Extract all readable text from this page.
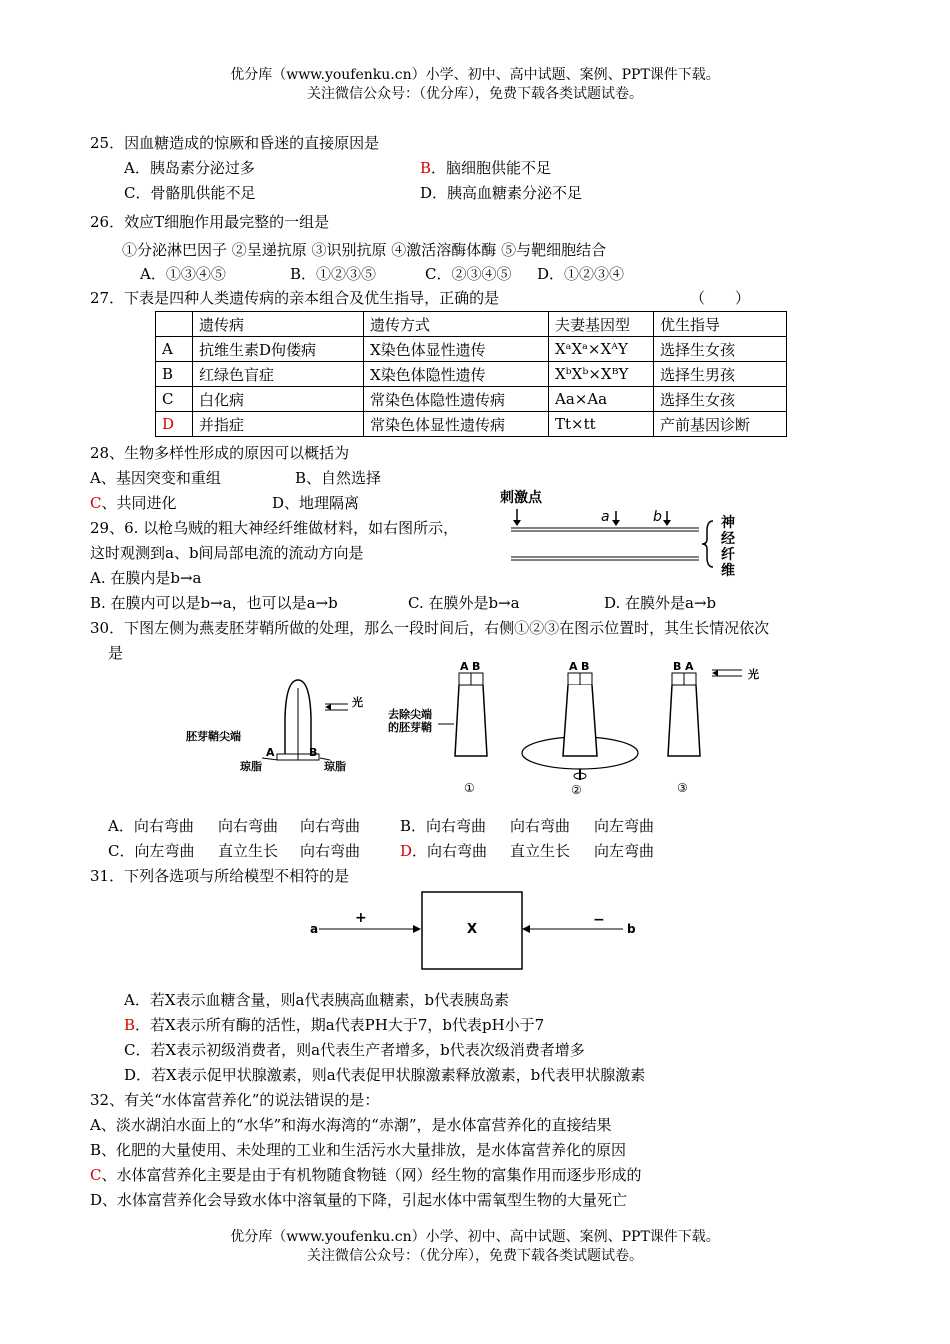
优分库（www.youfenku.cn）小学、初中、高中试题、案例、PPT课件下载。
关注微信公众号：（优分库），免费下载各类试题试卷。
25．因血糖造成的惊厥和昏迷的直接原因是
A．胰岛素分泌过多	B．脑细胞供能不足
C．骨骼肌供能不足	D．胰高血糖素分泌不足
26．效应T细胞作用最完整的一组是
①分泌淋巴因子 ②呈递抗原 ③识别抗原 ④激活溶酶体酶 ⑤与靶细胞结合
A．①③④⑤	B．①②③⑤	C．②③④⑤ D．①②③④
27．下表是四种人类遗传病的亲本组合及优生指导，正确的是	（　　）
	遗传病	遗传方式	夫妻基因型	优生指导
A	抗维生素D佝偻病	X染色体显性遗传	XᵃXᵃ×XᴬY	选择生女孩
B	红绿色盲症	X染色体隐性遗传	XᵇXᵇ×XᴮY	选择生男孩
C	白化病	常染色体隐性遗传病	Aa×Aa	选择生女孩
D	并指症	常染色体显性遗传病	Tt×tt	产前基因诊断
28、生物多样性形成的原因可以概括为
A、基因突变和重组	B、自然选择
C、共同进化	D、地理隔离
29、6. 以枪乌贼的粗大神经纤维做材料，如右图所示，
这时观测到a、b间局部电流的流动方向是
A. 在膜内是b→a
B. 在膜内可以是b→a，也可以是a→b	C. 在膜外是b→a	D. 在膜外是a→b
刺激点
a	b	神
经
纤
维
30．下图左侧为燕麦胚芽鞘所做的处理，那么一段时间后，右侧①②③在图示位置时，其生长情况依次
是
A	B
胚芽鞘尖端
光
琼脂	琼脂
去除尖端
的胚芽鞘
A B
①
A B
②
B A
③
光
A．向右弯曲 向右弯曲 向右弯曲	B．向右弯曲 向右弯曲 向左弯曲
C．向左弯曲 直立生长 向右弯曲	D．向右弯曲 直立生长 向左弯曲
31．下列各选项与所给模型不相符的是
a
+
X
−
b
A．若X表示血糖含量，则a代表胰高血糖素，b代表胰岛素
B．若X表示所有酶的活性，期a代表PH大于7，b代表pH小于7
C．若X表示初级消费者，则a代表生产者增多，b代表次级消费者增多
D．若X表示促甲状腺激素，则a代表促甲状腺激素释放激素，b代表甲状腺激素
32、有关“水体富营养化”的说法错误的是：
A、淡水湖泊水面上的“水华”和海水海湾的“赤潮”，是水体富营养化的直接结果
B、化肥的大量使用、未处理的工业和生活污水大量排放，是水体富营养化的原因
C、水体富营养化主要是由于有机物随食物链（网）经生物的富集作用而逐步形成的
D、水体富营养化会导致水体中溶氧量的下降，引起水体中需氧型生物的大量死亡
优分库（www.youfenku.cn）小学、初中、高中试题、案例、PPT课件下载。
关注微信公众号：（优分库），免费下载各类试题试卷。
